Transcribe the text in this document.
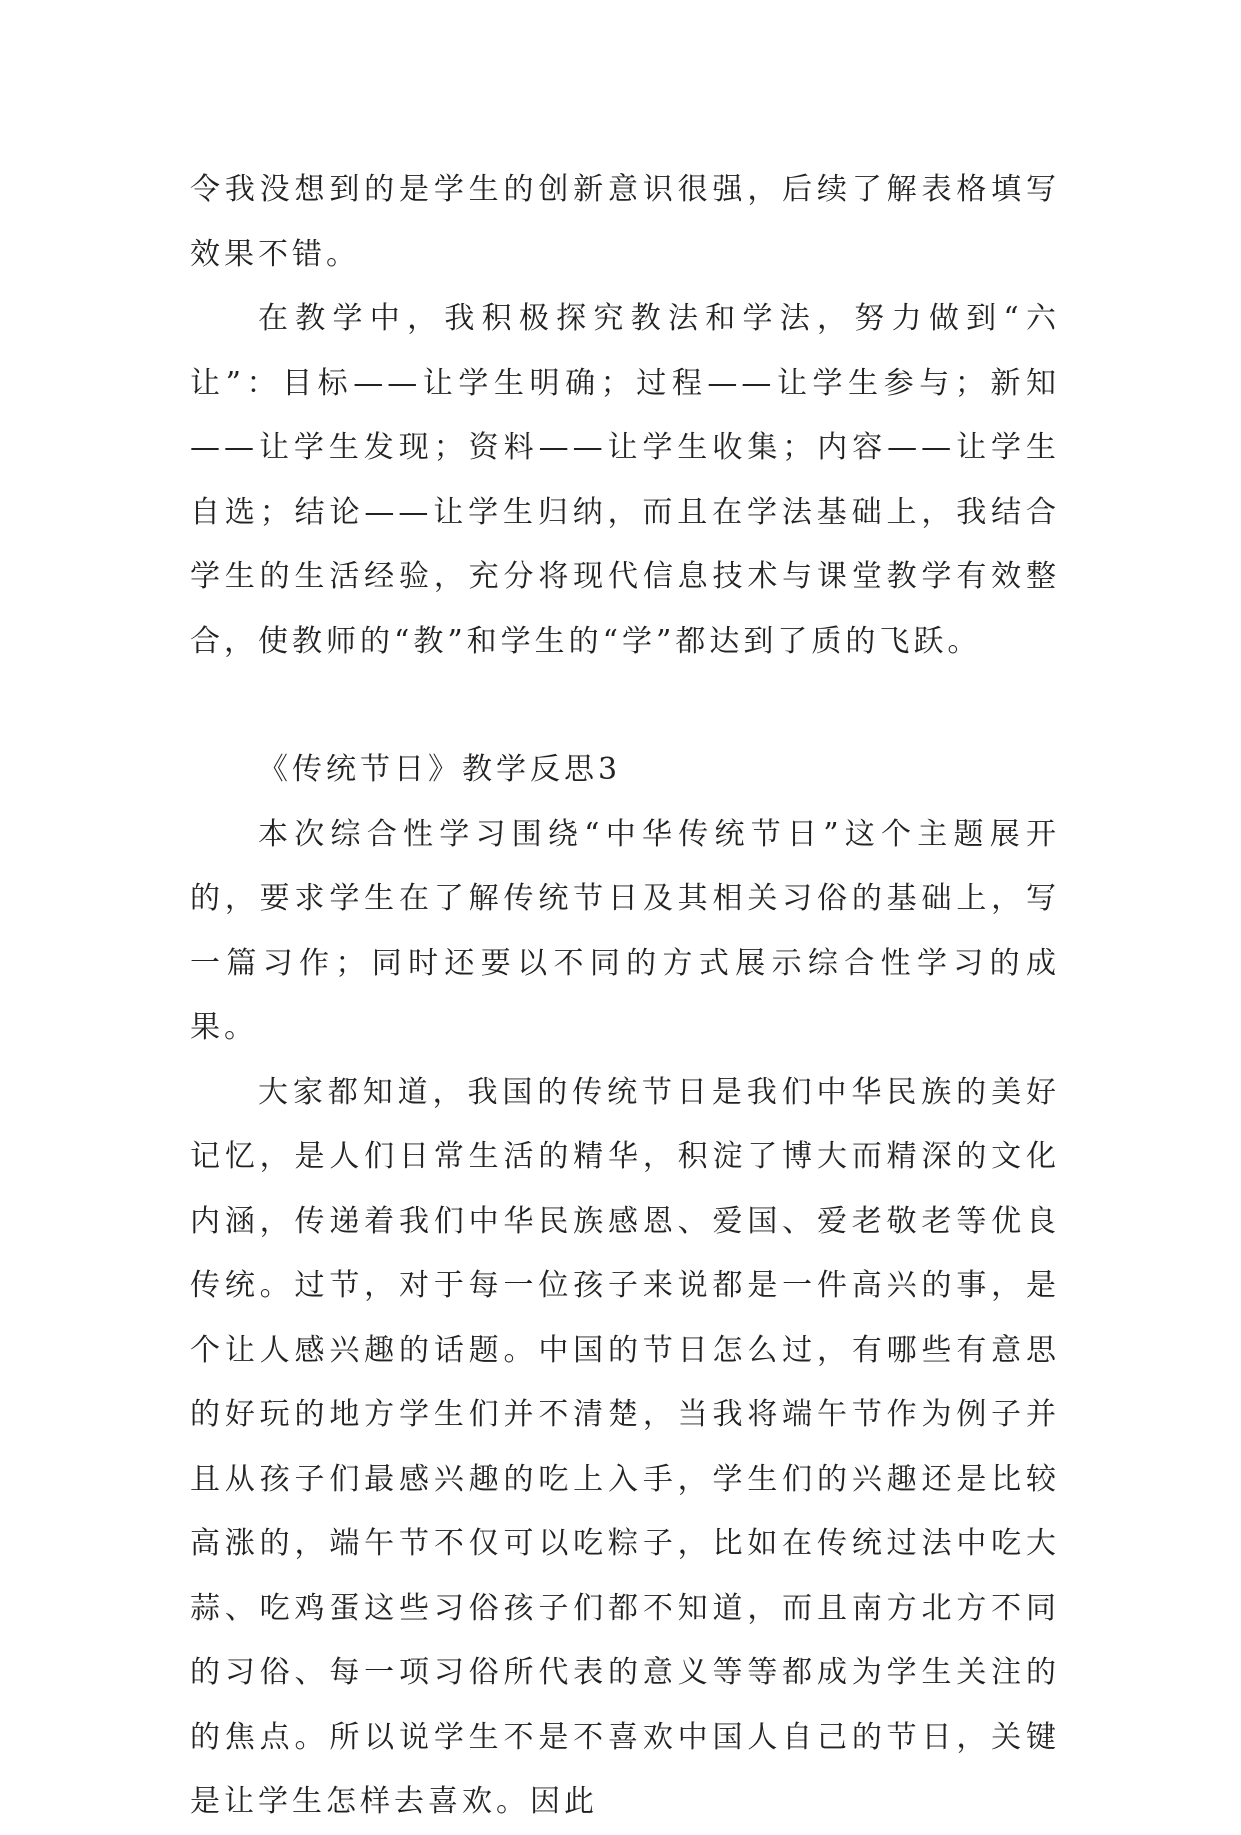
令我没想到的是学生的创新意识很强，后续了解表格填写效果不错。

在教学中，我积极探究教法和学法，努力做到“六让”：目标——让学生明确；过程——让学生参与；新知——让学生发现；资料——让学生收集；内容——让学生自选；结论——让学生归纳，而且在学法基础上，我结合学生的生活经验，充分将现代信息技术与课堂教学有效整合，使教师的“教”和学生的“学”都达到了质的飞跃。

《传统节日》教学反思3

本次综合性学习围绕“中华传统节日”这个主题展开的，要求学生在了解传统节日及其相关习俗的基础上，写一篇习作；同时还要以不同的方式展示综合性学习的成果。

大家都知道，我国的传统节日是我们中华民族的美好记忆，是人们日常生活的精华，积淀了博大而精深的文化内涵，传递着我们中华民族感恩、爱国、爱老敬老等优良传统。过节，对于每一位孩子来说都是一件高兴的事，是个让人感兴趣的话题。中国的节日怎么过，有哪些有意思的好玩的地方学生们并不清楚，当我将端午节作为例子并且从孩子们最感兴趣的吃上入手，学生们的兴趣还是比较高涨的，端午节不仅可以吃粽子，比如在传统过法中吃大蒜、吃鸡蛋这些习俗孩子们都不知道，而且南方北方不同的习俗、每一项习俗所代表的意义等等都成为学生关注的的焦点。所以说学生不是不喜欢中国人自己的节日，关键是让学生怎样去喜欢。因此
